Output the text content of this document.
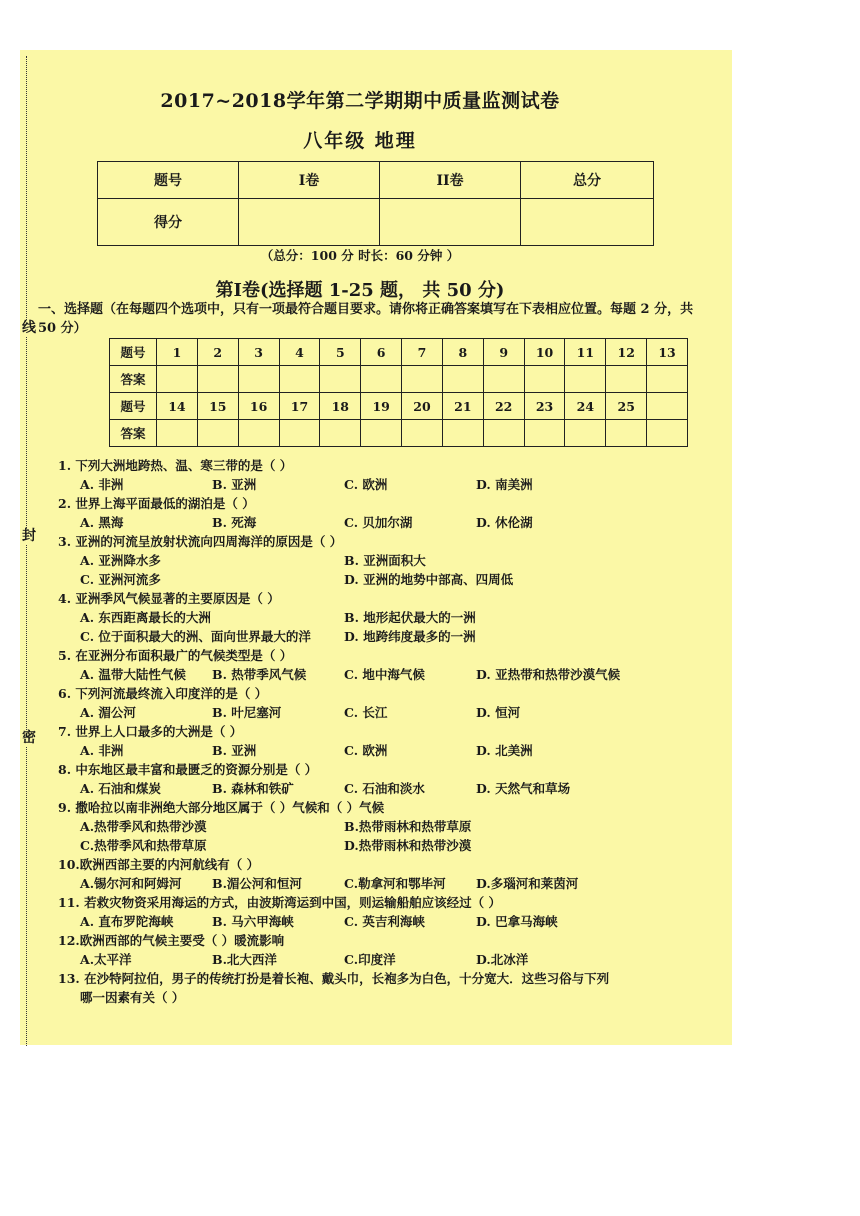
线
封
密
2017~2018学年第二学期期中质量监测试卷
八年级 地理
题号	I卷	II卷	总分
得分			
（总分：100 分 时长：60 分钟 ）
第Ⅰ卷(选择题 1-25 题， 共 50 分)
一、选择题（在每题四个选项中，只有一项最符合题目要求。请你将正确答案填写在下表相应位置。每题 2 分，共 50 分）
题号	1	2	3	4	5	6	7	8	9	10	11	12	13
答案													
题号	14	15	16	17	18	19	20	21	22	23	24	25	
答案													
1. 下列大洲地跨热、温、寒三带的是（ ）
A. 非洲	B. 亚洲	C. 欧洲	D. 南美洲
2. 世界上海平面最低的湖泊是（ ）
A. 黑海	B. 死海	C. 贝加尔湖	D. 休伦湖
3. 亚洲的河流呈放射状流向四周海洋的原因是（ ）
A. 亚洲降水多	B. 亚洲面积大
C. 亚洲河流多	D. 亚洲的地势中部高、四周低
4. 亚洲季风气候显著的主要原因是（ ）
A. 东西距离最长的大洲	B. 地形起伏最大的一洲
C. 位于面积最大的洲、面向世界最大的洋	D. 地跨纬度最多的一洲
5. 在亚洲分布面积最广的气候类型是（ ）
A. 温带大陆性气候 B. 热带季风气候	C. 地中海气候	D. 亚热带和热带沙漠气候
6. 下列河流最终流入印度洋的是（ ）
A. 湄公河	B. 叶尼塞河	C. 长江	D. 恒河
7. 世界上人口最多的大洲是（ ）
A. 非洲	B. 亚洲	C. 欧洲	D. 北美洲
8. 中东地区最丰富和最匮乏的资源分别是（ ）
A. 石油和煤炭	B. 森林和铁矿	C. 石油和淡水	D. 天然气和草场
9. 撒哈拉以南非洲绝大部分地区属于（ ）气候和（ ）气候
A.热带季风和热带沙漠	B.热带雨林和热带草原
C.热带季风和热带草原	D.热带雨林和热带沙漠
10.欧洲西部主要的内河航线有（ ）
A.锡尔河和阿姆河 B.湄公河和恒河	C.勒拿河和鄂毕河 D.多瑙河和莱茵河
11. 若救灾物资采用海运的方式，由波斯湾运到中国，则运输船舶应该经过（ ）
A. 直布罗陀海峡	B. 马六甲海峡	C. 英吉利海峡	D. 巴拿马海峡
12.欧洲西部的气候主要受（ ）暖流影响
A.太平洋	B.北大西洋	C.印度洋	D.北冰洋
13. 在沙特阿拉伯，男子的传统打扮是着长袍、戴头巾，长袍多为白色，十分宽大．这些习俗与下列
哪一因素有关（ ）
